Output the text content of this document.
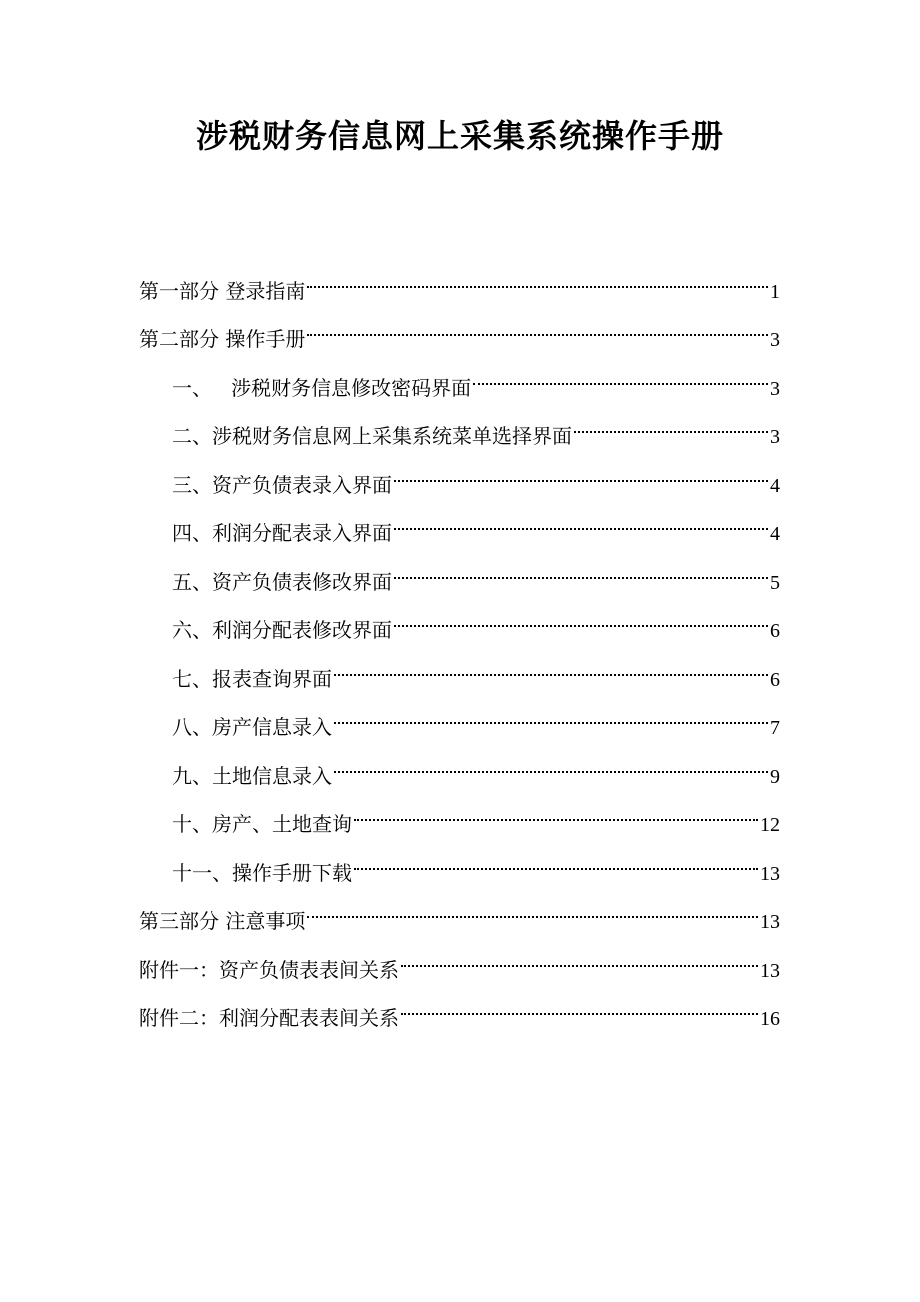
涉税财务信息网上采集系统操作手册
第一部分 登录指南	1
第二部分 操作手册	3
一、   涉税财务信息修改密码界面	3
二、涉税财务信息网上采集系统菜单选择界面	3
三、资产负债表录入界面	4
四、利润分配表录入界面	4
五、资产负债表修改界面	5
六、利润分配表修改界面	6
七、报表查询界面	6
八、房产信息录入	7
九、土地信息录入	9
十、房产、土地查询	12
十一、操作手册下载	13
第三部分 注意事项	13
附件一：资产负债表表间关系	13
附件二：利润分配表表间关系	16
